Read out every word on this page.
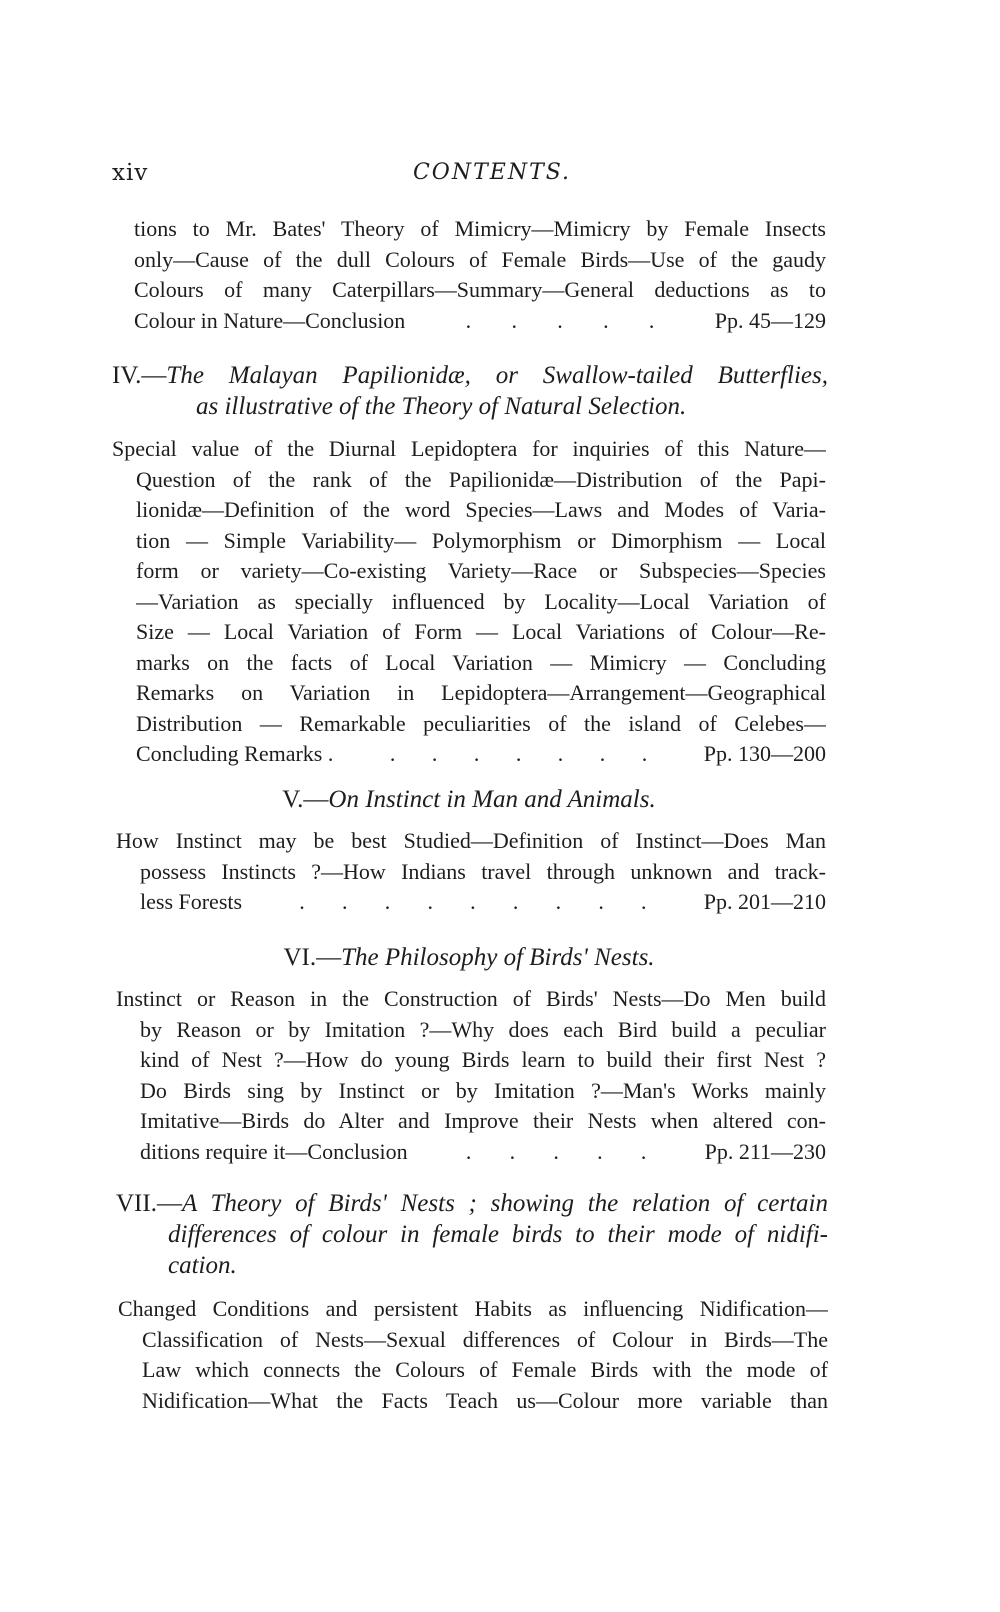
xiv	CONTENTS.
tions to Mr. Bates' Theory of Mimicry—Mimicry by Female Insects
only—Cause of the dull Colours of Female Birds—Use of the gaudy
Colours of many Caterpillars—Summary—General deductions as to
Colour in Nature—Conclusion	. . . . .	Pp. 45—129
IV.—The Malayan Papilionidæ, or Swallow-tailed Butterflies,
as illustrative of the Theory of Natural Selection.
Special value of the Diurnal Lepidoptera for inquiries of this Nature—
Question of the rank of the Papilionidæ—Distribution of the Papi-
lionidæ—Definition of the word Species—Laws and Modes of Varia-
tion — Simple Variability— Polymorphism or Dimorphism — Local
form or variety—Co-existing Variety—Race or Subspecies—Species
—Variation as specially influenced by Locality—Local Variation of
Size — Local Variation of Form — Local Variations of Colour—Re-
marks on the facts of Local Variation — Mimicry — Concluding
Remarks on Variation in Lepidoptera—Arrangement—Geographical
Distribution — Remarkable peculiarities of the island of Celebes—
Concluding Remarks .	. . . . . . .	Pp. 130—200
V.—On Instinct in Man and Animals.
How Instinct may be best Studied—Definition of Instinct—Does Man
possess Instincts ?—How Indians travel through unknown and track-
less Forests	. . . . . . . . .	Pp. 201—210
VI.—The Philosophy of Birds' Nests.
Instinct or Reason in the Construction of Birds' Nests—Do Men build
by Reason or by Imitation ?—Why does each Bird build a peculiar
kind of Nest ?—How do young Birds learn to build their first Nest ?
Do Birds sing by Instinct or by Imitation ?—Man's Works mainly
Imitative—Birds do Alter and Improve their Nests when altered con-
ditions require it—Conclusion	. . . . .	Pp. 211—230
VII.—A Theory of Birds' Nests ; showing the relation of certain
differences of colour in female birds to their mode of nidifi-
cation.
Changed Conditions and persistent Habits as influencing Nidification—
Classification of Nests—Sexual differences of Colour in Birds—The
Law which connects the Colours of Female Birds with the mode of
Nidification—What the Facts Teach us—Colour more variable than
